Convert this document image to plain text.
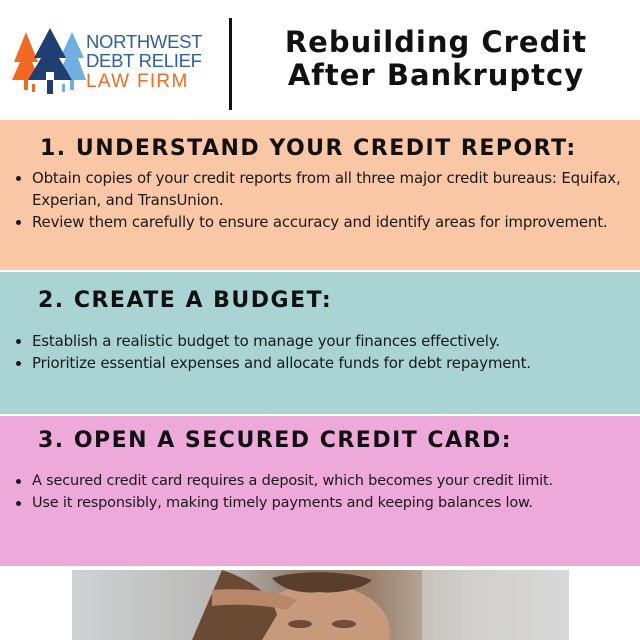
NORTHWEST
DEBT RELIEF
LAW FIRM
Rebuilding Credit
After Bankruptcy
1. UNDERSTAND YOUR CREDIT REPORT:
Obtain copies of your credit reports from all three major credit bureaus: Equifax, Experian, and TransUnion.
Review them carefully to ensure accuracy and identify areas for improvement.
2. CREATE A BUDGET:
Establish a realistic budget to manage your finances effectively.
Prioritize essential expenses and allocate funds for debt repayment.
3. OPEN A SECURED CREDIT CARD:
A secured credit card requires a deposit, which becomes your credit limit.
Use it responsibly, making timely payments and keeping balances low.
